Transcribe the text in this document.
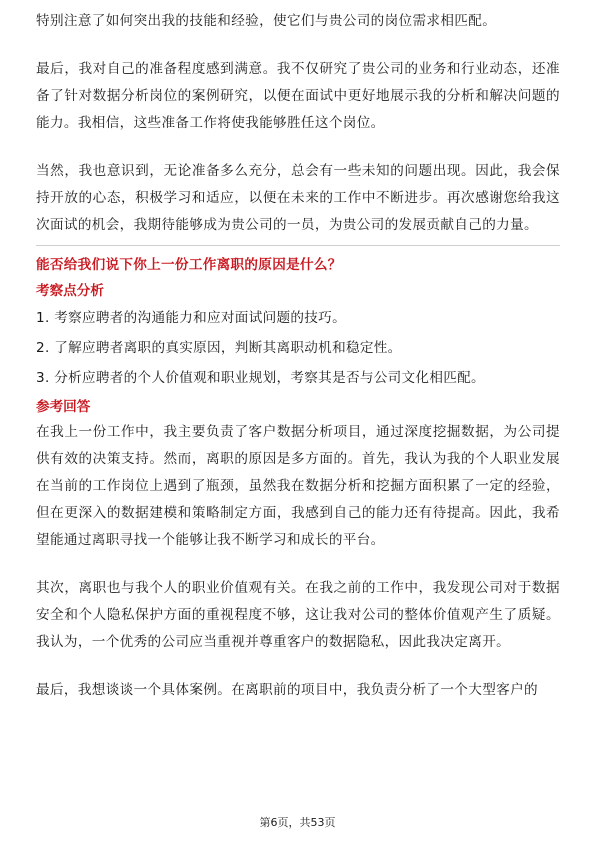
特别注意了如何突出我的技能和经验，使它们与贵公司的岗位需求相匹配。

最后，我对自己的准备程度感到满意。我不仅研究了贵公司的业务和行业动态，还准备了针对数据分析岗位的案例研究，以便在面试中更好地展示我的分析和解决问题的能力。我相信，这些准备工作将使我能够胜任这个岗位。

当然，我也意识到，无论准备多么充分，总会有一些未知的问题出现。因此，我会保持开放的心态，积极学习和适应，以便在未来的工作中不断进步。再次感谢您给我这次面试的机会，我期待能够成为贵公司的一员，为贵公司的发展贡献自己的力量。

能否给我们说下你上一份工作离职的原因是什么？
考察点分析
1. 考察应聘者的沟通能力和应对面试问题的技巧。
2. 了解应聘者离职的真实原因，判断其离职动机和稳定性。
3. 分析应聘者的个人价值观和职业规划，考察其是否与公司文化相匹配。
参考回答

在我上一份工作中，我主要负责了客户数据分析项目，通过深度挖掘数据，为公司提供有效的决策支持。然而，离职的原因是多方面的。首先，我认为我的个人职业发展在当前的工作岗位上遇到了瓶颈，虽然我在数据分析和挖掘方面积累了一定的经验，但在更深入的数据建模和策略制定方面，我感到自己的能力还有待提高。因此，我希望能通过离职寻找一个能够让我不断学习和成长的平台。

其次，离职也与我个人的职业价值观有关。在我之前的工作中，我发现公司对于数据安全和个人隐私保护方面的重视程度不够，这让我对公司的整体价值观产生了质疑。我认为，一个优秀的公司应当重视并尊重客户的数据隐私，因此我决定离开。

最后，我想谈谈一个具体案例。在离职前的项目中，我负责分析了一个大型客户的

第6页，共53页
